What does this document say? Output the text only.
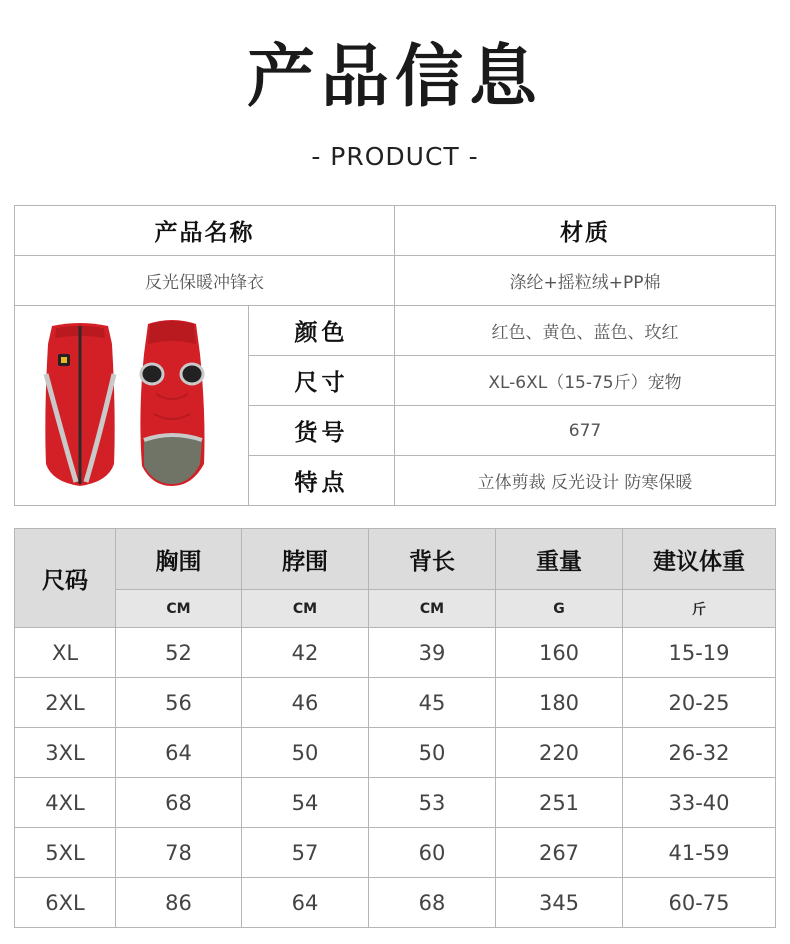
产品信息
- PRODUCT -
产品名称		材质
反光保暖冲锋衣		涤纶+摇粒绒+PP棉

	颜色	红色、黄色、蓝色、玫红
	尺寸	XL-6XL（15-75斤）宠物
	货号	677
	特点	立体剪裁 反光设计 防寒保暖
尺码	胸围	脖围	背长	重量	建议体重
	CM	CM	CM	G	斤
XL	52	42	39	160	15-19
2XL	56	46	45	180	20-25
3XL	64	50	50	220	26-32
4XL	68	54	53	251	33-40
5XL	78	57	60	267	41-59
6XL	86	64	68	345	60-75
